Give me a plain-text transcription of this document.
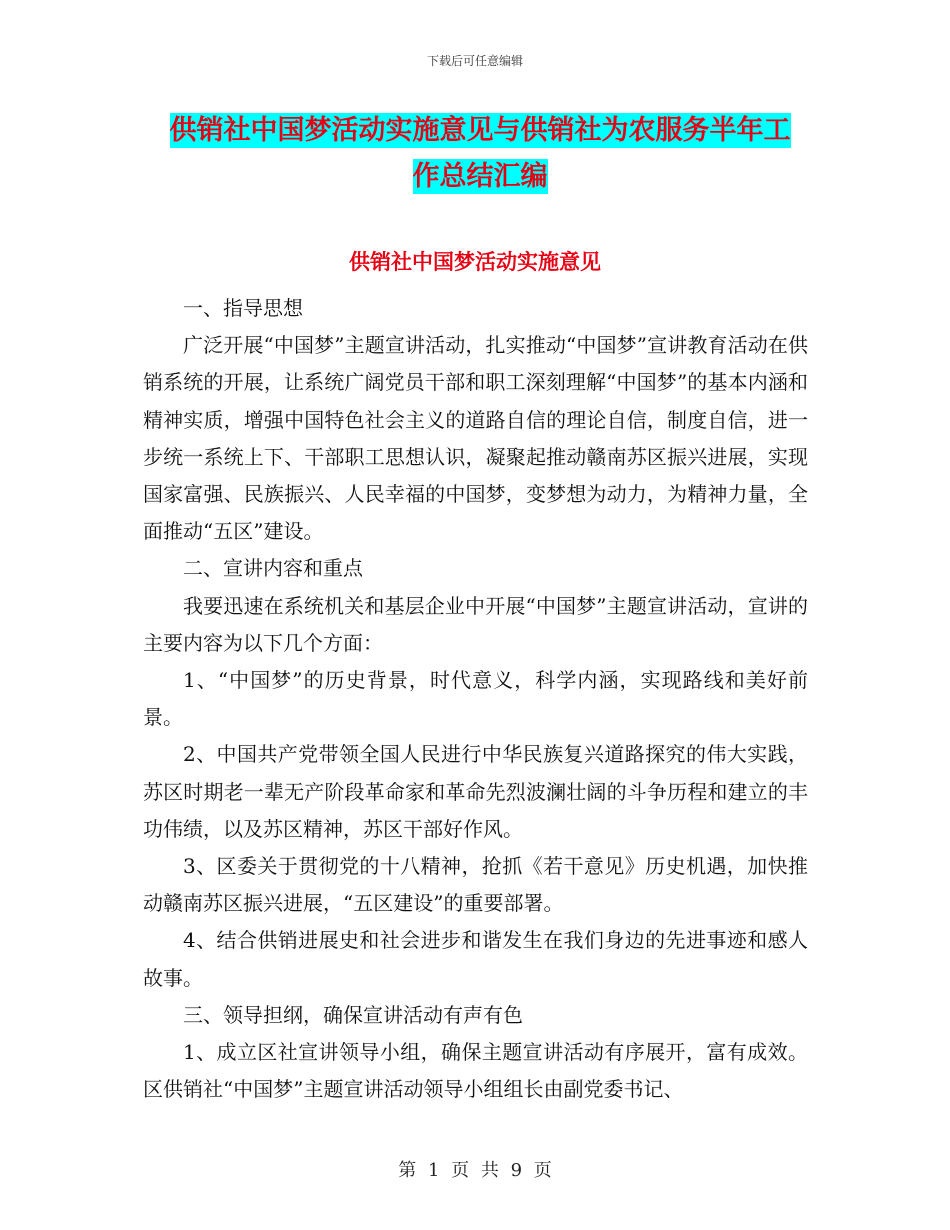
下载后可任意编辑
供销社中国梦活动实施意见与供销社为农服务半年工
作总结汇编
供销社中国梦活动实施意见

一、指导思想

广泛开展“中国梦”主题宣讲活动，扎实推动“中国梦”宣讲教育活动在供销系统的开展，让系统广阔党员干部和职工深刻理解“中国梦”的基本内涵和精神实质，增强中国特色社会主义的道路自信的理论自信，制度自信，进一步统一系统上下、干部职工思想认识，凝聚起推动赣南苏区振兴进展，实现国家富强、民族振兴、人民幸福的中国梦，变梦想为动力，为精神力量，全面推动“五区”建设。

二、宣讲内容和重点

我要迅速在系统机关和基层企业中开展“中国梦”主题宣讲活动，宣讲的主要内容为以下几个方面：

1、“中国梦”的历史背景，时代意义，科学内涵，实现路线和美好前景。

2、中国共产党带领全国人民进行中华民族复兴道路探究的伟大实践，苏区时期老一辈无产阶段革命家和革命先烈波澜壮阔的斗争历程和建立的丰功伟绩，以及苏区精神，苏区干部好作风。

3、区委关于贯彻党的十八精神，抢抓《若干意见》历史机遇，加快推动赣南苏区振兴进展，“五区建设”的重要部署。

4、结合供销进展史和社会进步和谐发生在我们身边的先进事迹和感人故事。

三、领导担纲，确保宣讲活动有声有色

1、成立区社宣讲领导小组，确保主题宣讲活动有序展开，富有成效。区供销社“中国梦”主题宣讲活动领导小组组长由副党委书记、

第 1 页 共 9 页
